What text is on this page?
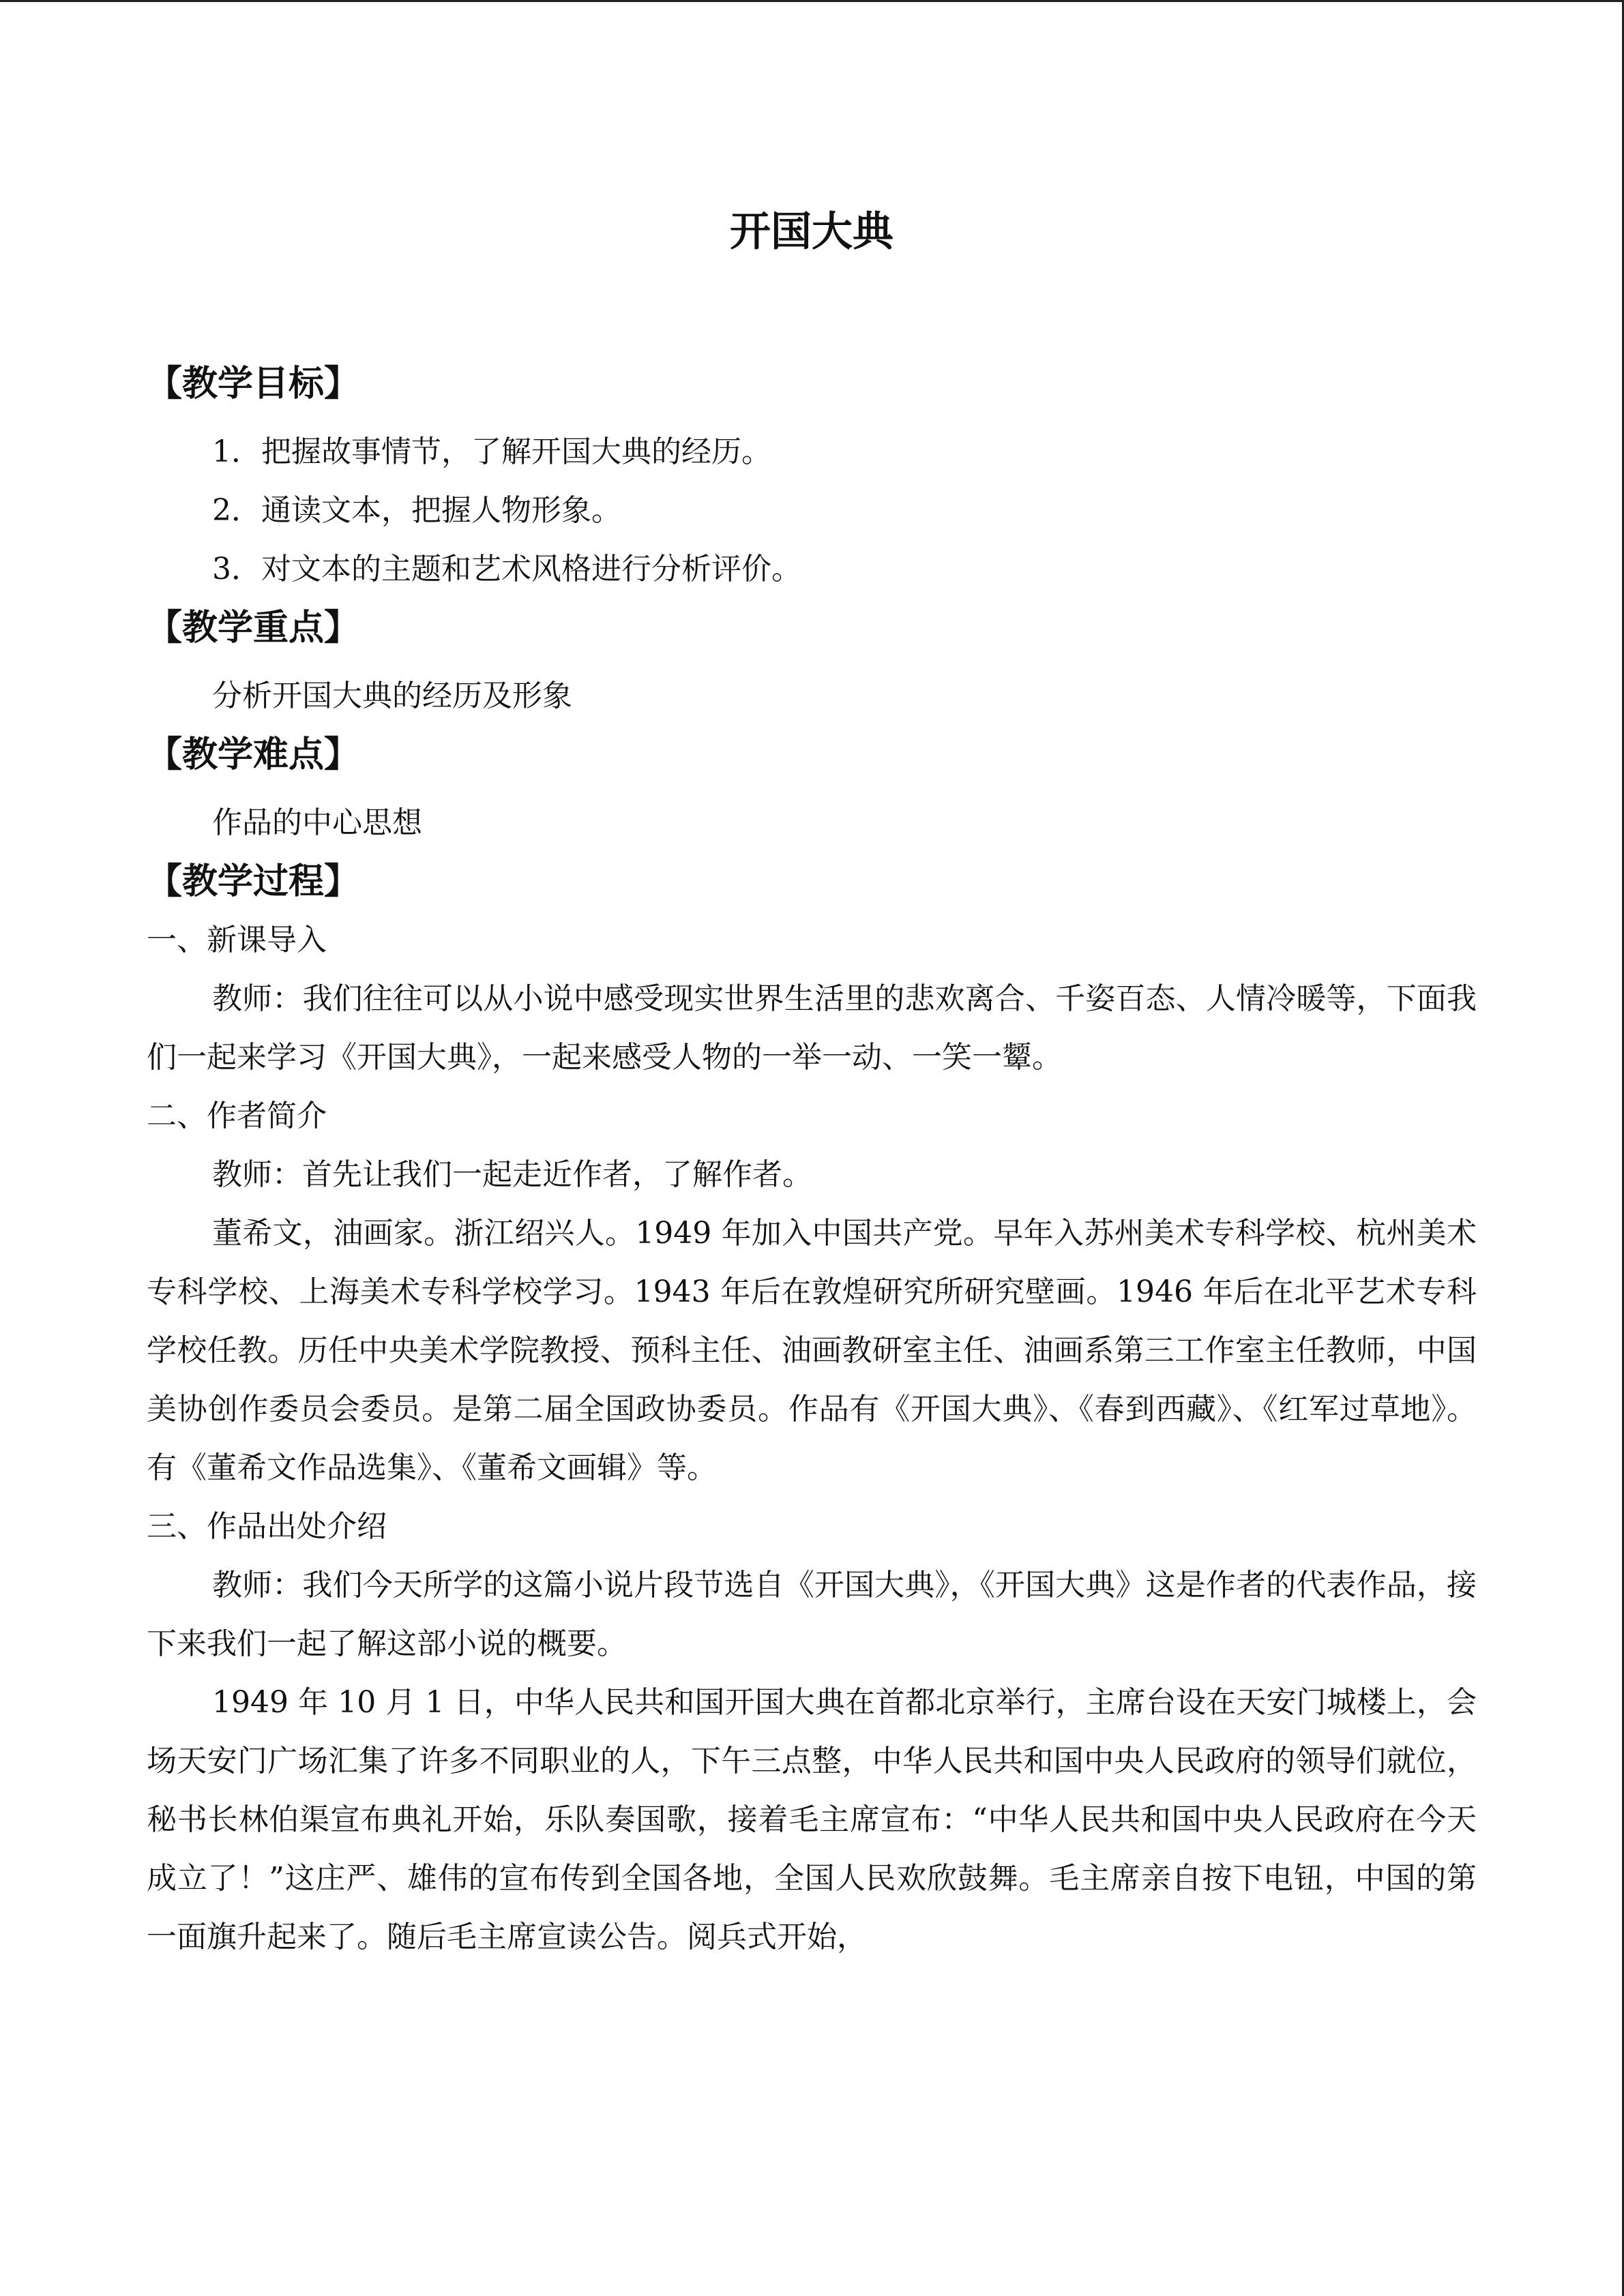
开国大典
【教学目标】

1．把握故事情节，了解开国大典的经历。

2．通读文本，把握人物形象。

3．对文本的主题和艺术风格进行分析评价。

【教学重点】

分析开国大典的经历及形象

【教学难点】

作品的中心思想

【教学过程】

一、新课导入

教师：我们往往可以从小说中感受现实世界生活里的悲欢离合、千姿百态、人情冷暖等，下面我们一起来学习《开国大典》，一起来感受人物的一举一动、一笑一颦。

二、作者简介

教师：首先让我们一起走近作者，了解作者。

董希文，油画家。浙江绍兴人。1949 年加入中国共产党。早年入苏州美术专科学校、杭州美术专科学校、上海美术专科学校学习。1943 年后在敦煌研究所研究壁画。1946 年后在北平艺术专科学校任教。历任中央美术学院教授、预科主任、油画教研室主任、油画系第三工作室主任教师，中国美协创作委员会委员。是第二届全国政协委员。作品有《开国大典》、《春到西藏》、《红军过草地》。有《董希文作品选集》、《董希文画辑》等。

三、作品出处介绍

教师：我们今天所学的这篇小说片段节选自《开国大典》，《开国大典》这是作者的代表作品，接下来我们一起了解这部小说的概要。

1949 年 10 月 1 日，中华人民共和国开国大典在首都北京举行，主席台设在天安门城楼上，会场天安门广场汇集了许多不同职业的人，下午三点整，中华人民共和国中央人民政府的领导们就位，秘书长林伯渠宣布典礼开始，乐队奏国歌，接着毛主席宣布：“中华人民共和国中央人民政府在今天成立了！”这庄严、雄伟的宣布传到全国各地，全国人民欢欣鼓舞。毛主席亲自按下电钮，中国的第一面旗升起来了。随后毛主席宣读公告。阅兵式开始，
